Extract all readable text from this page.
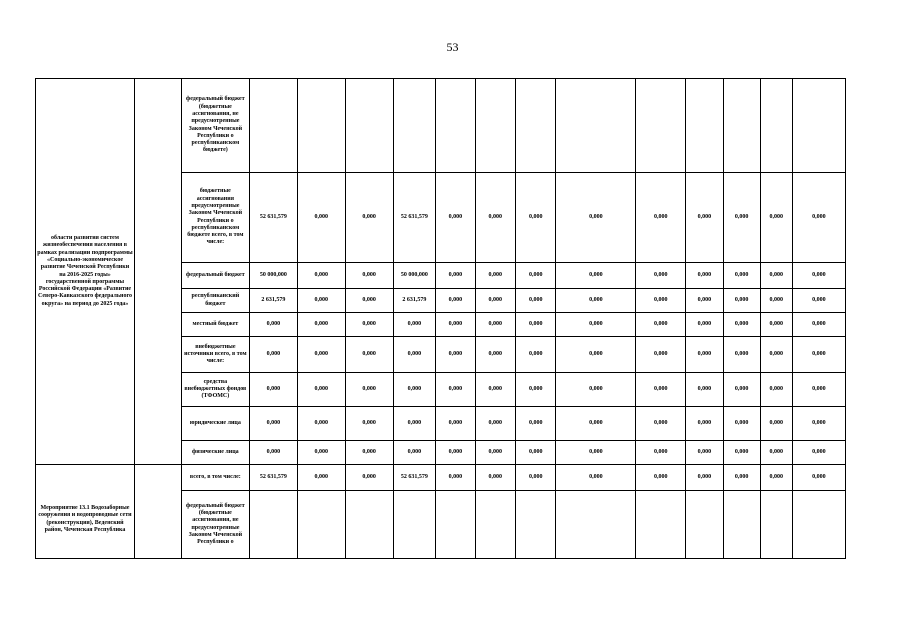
53
области развития систем жизнеобеспечения населения в рамках реализации подпрограммы «Социально-экономическое развитие Чеченской Республики на 2016-2025 годы» государственной программы Российской Федерации «Развитие Северо-Кавказского федерального округа» на период до 2025 года»		федеральный бюджет (бюджетные ассигнования, не предусмотренные Законом Чеченской Республики о республиканском бюджете)													
		бюджетные ассигнования предусмотренные Законом Чеченской Республики о республиканском бюджете всего, в том числе:	52 631,579	0,000	0,000	52 631,579	0,000	0,000	0,000	0,000	0,000	0,000	0,000	0,000	0,000
		федеральный бюджет	50 000,000	0,000	0,000	50 000,000	0,000	0,000	0,000	0,000	0,000	0,000	0,000	0,000	0,000
		республиканский бюджет	2 631,579	0,000	0,000	2 631,579	0,000	0,000	0,000	0,000	0,000	0,000	0,000	0,000	0,000
		местный бюджет	0,000	0,000	0,000	0,000	0,000	0,000	0,000	0,000	0,000	0,000	0,000	0,000	0,000
		внебюджетные источники всего, в том числе:	0,000	0,000	0,000	0,000	0,000	0,000	0,000	0,000	0,000	0,000	0,000	0,000	0,000
		средства внебюджетных фондов (ТФОМС)	0,000	0,000	0,000	0,000	0,000	0,000	0,000	0,000	0,000	0,000	0,000	0,000	0,000
		юридические лица	0,000	0,000	0,000	0,000	0,000	0,000	0,000	0,000	0,000	0,000	0,000	0,000	0,000
		физические лица	0,000	0,000	0,000	0,000	0,000	0,000	0,000	0,000	0,000	0,000	0,000	0,000	0,000
Мероприятие 13.1 Водозаборные сооружения и водопроводные сети (реконструкция), Веденский район, Чеченская Республика		всего, в том числе:	52 631,579	0,000	0,000	52 631,579	0,000	0,000	0,000	0,000	0,000	0,000	0,000	0,000	0,000
		федеральный бюджет (бюджетные ассигнования, не предусмотренные Законом Чеченской Республики о													
